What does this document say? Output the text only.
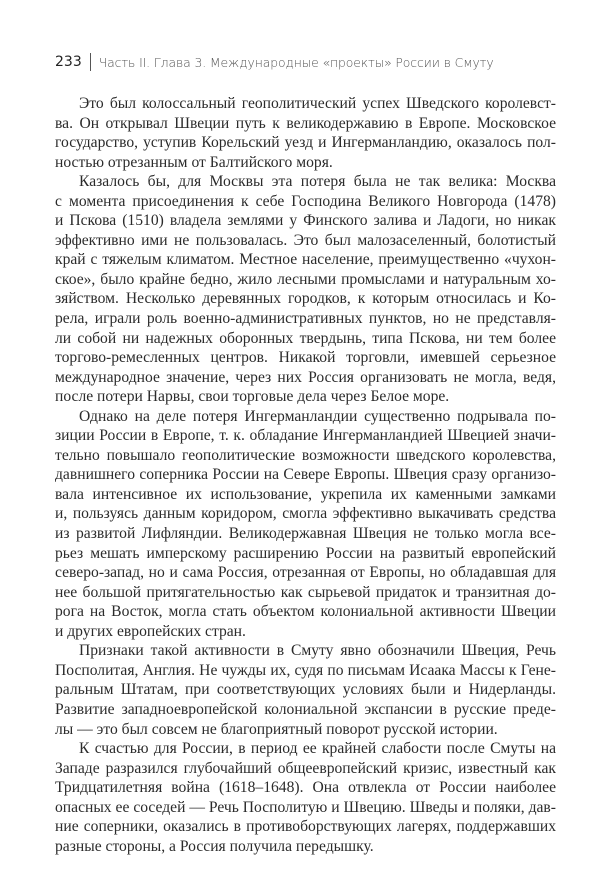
233 Часть II. Глава 3. Международные «проекты» России в Смуту
Это был колоссальный геополитический успех Шведского королевст-
ва. Он открывал Швеции путь к великодержавию в Европе. Московское
государство, уступив Корельский уезд и Ингерманландию, оказалось пол-
ностью отрезанным от Балтийского моря.
Казалось бы, для Москвы эта потеря была не так велика: Москва
с момента присоединения к себе Господина Великого Новгорода (1478)
и Пскова (1510) владела землями у Финского залива и Ладоги, но никак
эффективно ими не пользовалась. Это был малозаселенный, болотистый
край с тяжелым климатом. Местное население, преимущественно «чухон-
ское», было крайне бедно, жило лесными промыслами и натуральным хо-
зяйством. Несколько деревянных городков, к которым относилась и Ко-
рела, играли роль военно-административных пунктов, но не представля-
ли собой ни надежных оборонных твердынь, типа Пскова, ни тем более
торгово-ремесленных центров. Никакой торговли, имевшей серьезное
международное значение, через них Россия организовать не могла, ведя,
после потери Нарвы, свои торговые дела через Белое море.
Однако на деле потеря Ингерманландии существенно подрывала по-
зиции России в Европе, т. к. обладание Ингерманландией Швецией значи-
тельно повышало геополитические возможности шведского королевства,
давнишнего соперника России на Севере Европы. Швеция сразу организо-
вала интенсивное их использование, укрепила их каменными замками
и, пользуясь данным коридором, смогла эффективно выкачивать средства
из развитой Лифляндии. Великодержавная Швеция не только могла все-
рьез мешать имперскому расширению России на развитый европейский
северо-запад, но и сама Россия, отрезанная от Европы, но обладавшая для
нее большой притягательностью как сырьевой придаток и транзитная до-
рога на Восток, могла стать объектом колониальной активности Швеции
и других европейских стран.
Признаки такой активности в Смуту явно обозначили Швеция, Речь
Посполитая, Англия. Не чужды их, судя по письмам Исаака Массы к Гене-
ральным Штатам, при соответствующих условиях были и Нидерланды.
Развитие западноевропейской колониальной экспансии в русские преде-
лы — это был совсем не благоприятный поворот русской истории.
К счастью для России, в период ее крайней слабости после Смуты на
Западе разразился глубочайший общеевропейский кризис, известный как
Тридцатилетняя война (1618–1648). Она отвлекла от России наиболее
опасных ее соседей — Речь Посполитую и Швецию. Шведы и поляки, дав-
ние соперники, оказались в противоборствующих лагерях, поддержавших
разные стороны, а Россия получила передышку.
